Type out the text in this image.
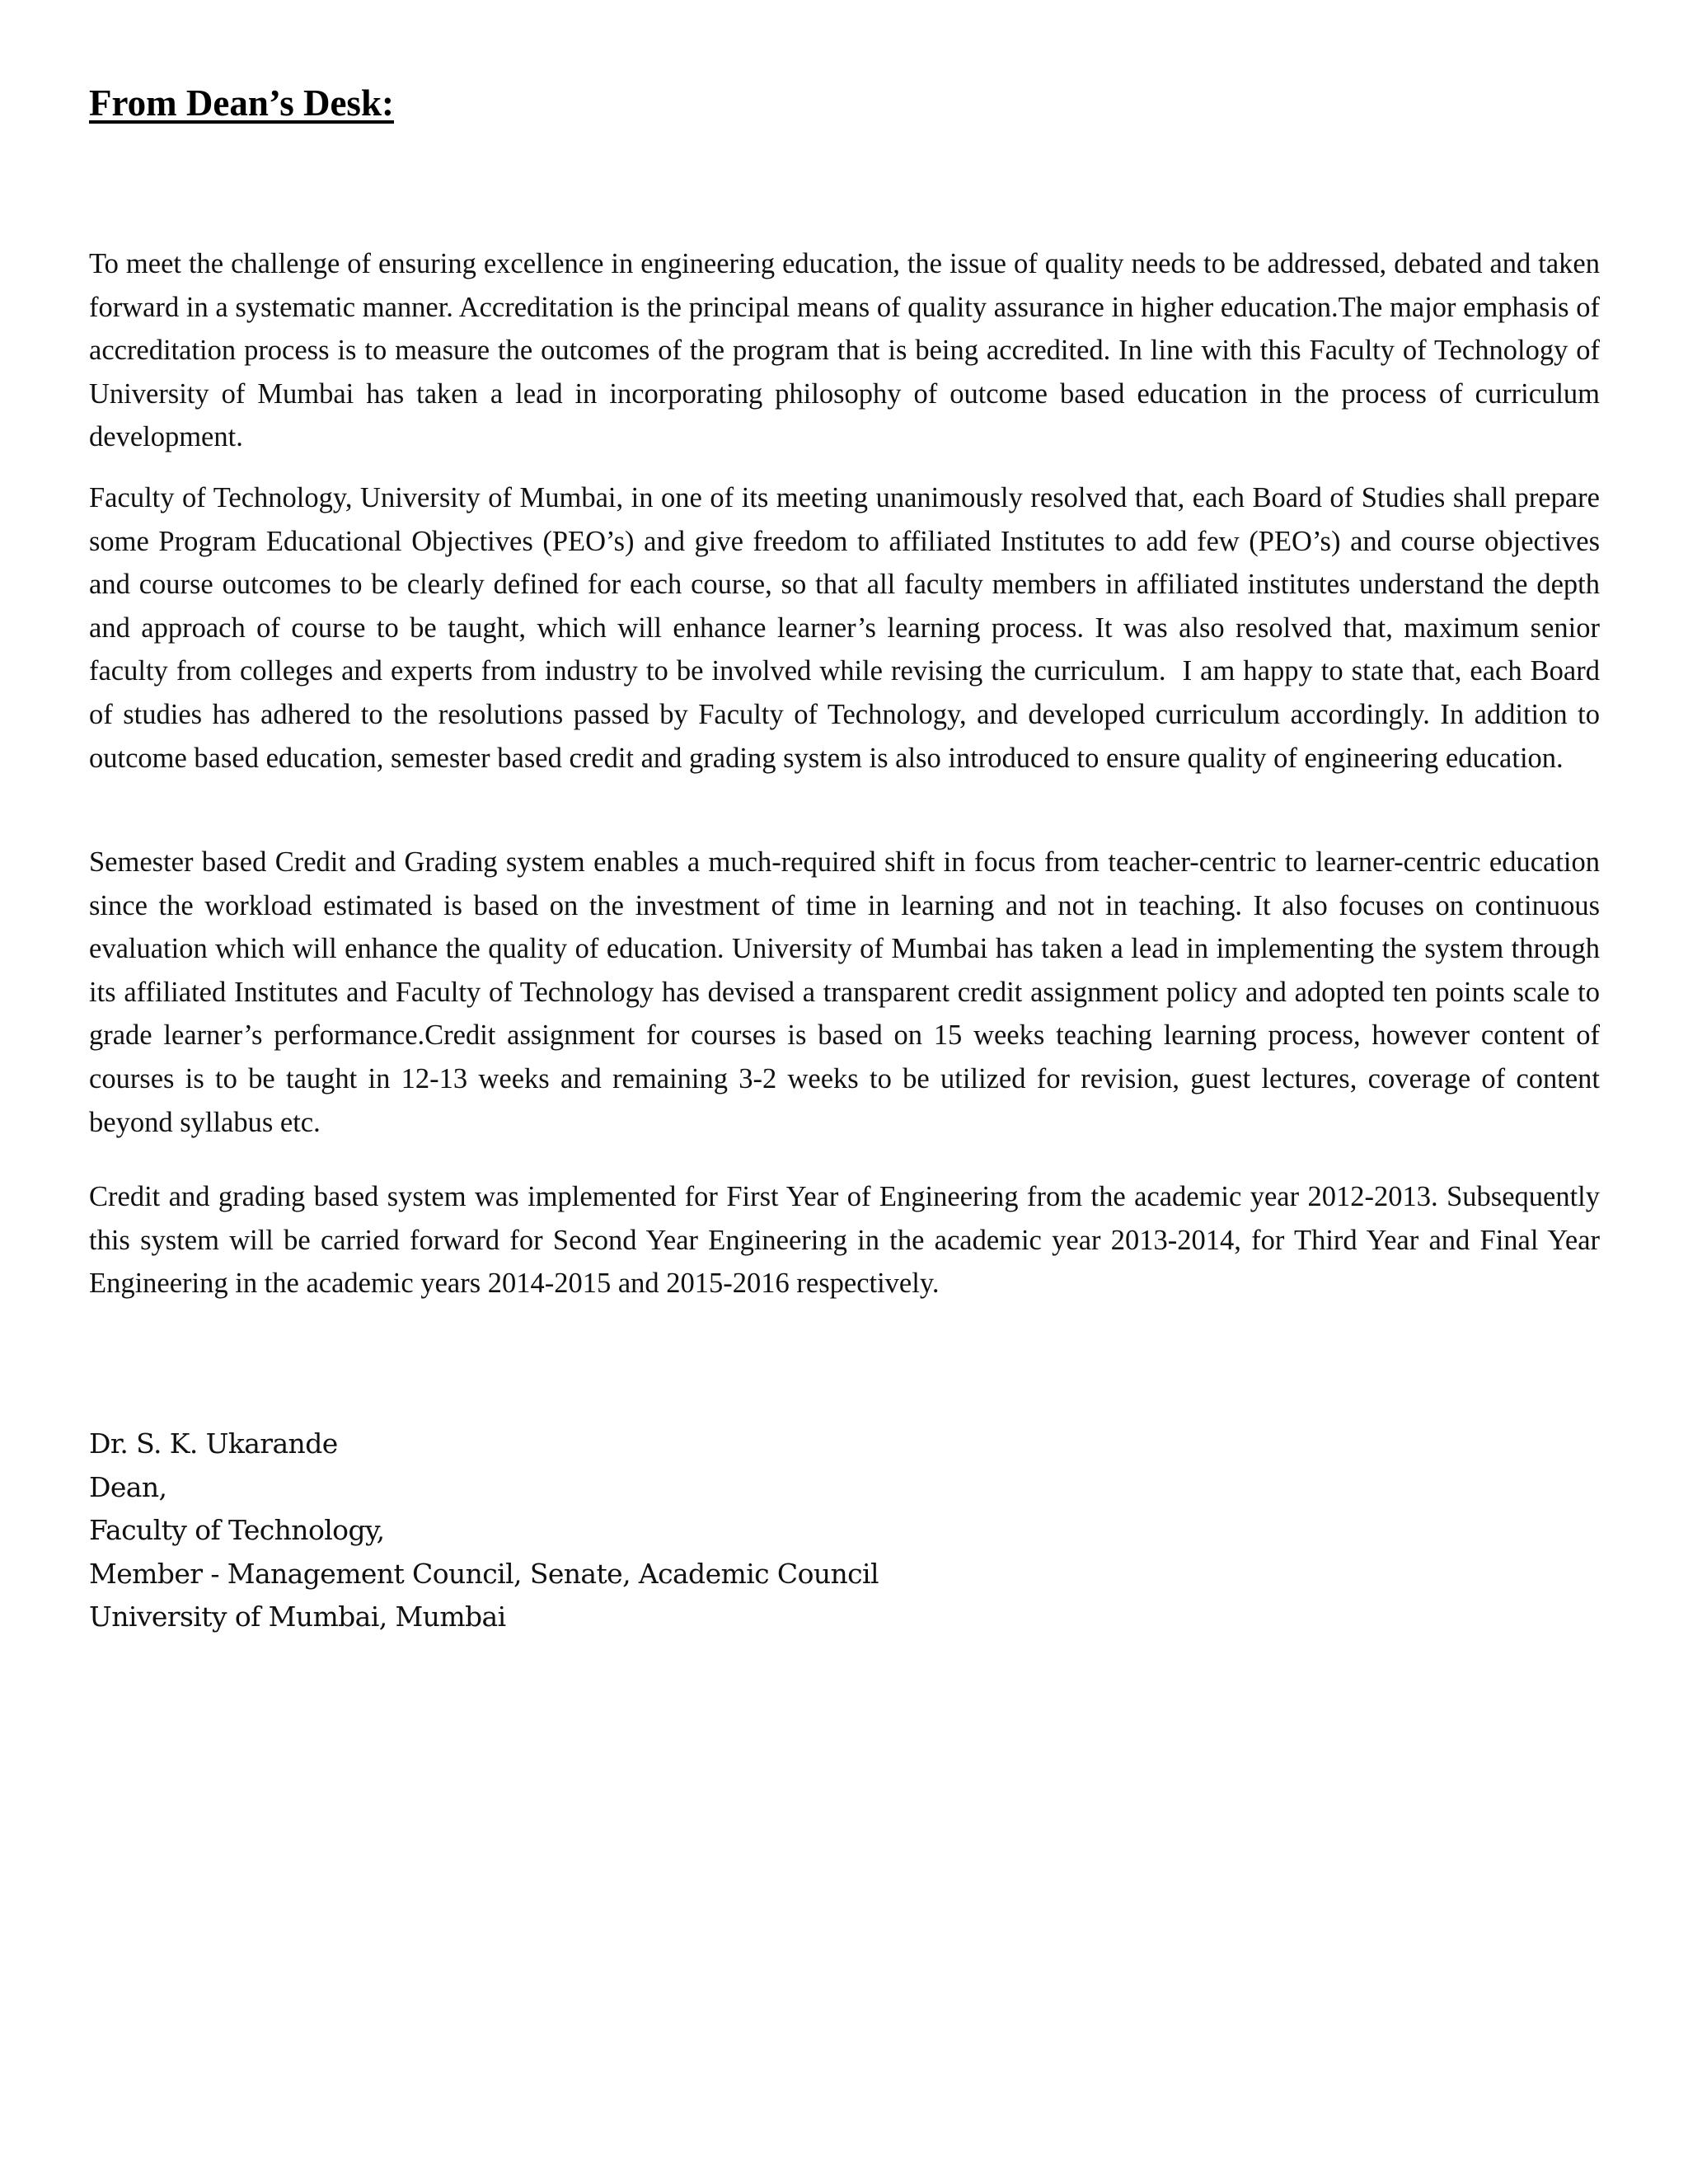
From Dean’s Desk:

To meet the challenge of ensuring excellence in engineering education, the issue of quality needs to be addressed, debated and taken forward in a systematic manner. Accreditation is the principal means of quality assurance in higher education.The major emphasis of accreditation process is to measure the outcomes of the program that is being accredited. In line with this Faculty of Technology of University of Mumbai has taken a lead in incorporating philosophy of outcome based education in the process of curriculum development.

Faculty of Technology, University of Mumbai, in one of its meeting unanimously resolved that, each Board of Studies shall prepare some Program Educational Objectives (PEO’s) and give freedom to affiliated Institutes to add few (PEO’s) and course objectives and course outcomes to be clearly defined for each course, so that all faculty members in affiliated institutes understand the depth and approach of course to be taught, which will enhance learner’s learning process. It was also resolved that, maximum senior faculty from colleges and experts from industry to be involved while revising the curriculum.  I am happy to state that, each Board of studies has adhered to the resolutions passed by Faculty of Technology, and developed curriculum accordingly. In addition to outcome based education, semester based credit and grading system is also introduced to ensure quality of engineering education.

Semester based Credit and Grading system enables a much-required shift in focus from teacher-centric to learner-centric education since the workload estimated is based on the investment of time in learning and not in teaching. It also focuses on continuous evaluation which will enhance the quality of education. University of Mumbai has taken a lead in implementing the system through its affiliated Institutes and Faculty of Technology has devised a transparent credit assignment policy and adopted ten points scale to grade learner’s performance.Credit assignment for courses is based on 15 weeks teaching learning process, however content of courses is to be taught in 12-13 weeks and remaining 3-2 weeks to be utilized for revision, guest lectures, coverage of content beyond syllabus etc.

Credit and grading based system was implemented for First Year of Engineering from the academic year 2012-2013. Subsequently this system will be carried forward for Second Year Engineering in the academic year 2013-2014, for Third Year and Final Year Engineering in the academic years 2014-2015 and 2015-2016 respectively.

Dr. S. K. Ukarande
Dean,
Faculty of Technology,
Member - Management Council, Senate, Academic Council
University of Mumbai, Mumbai
